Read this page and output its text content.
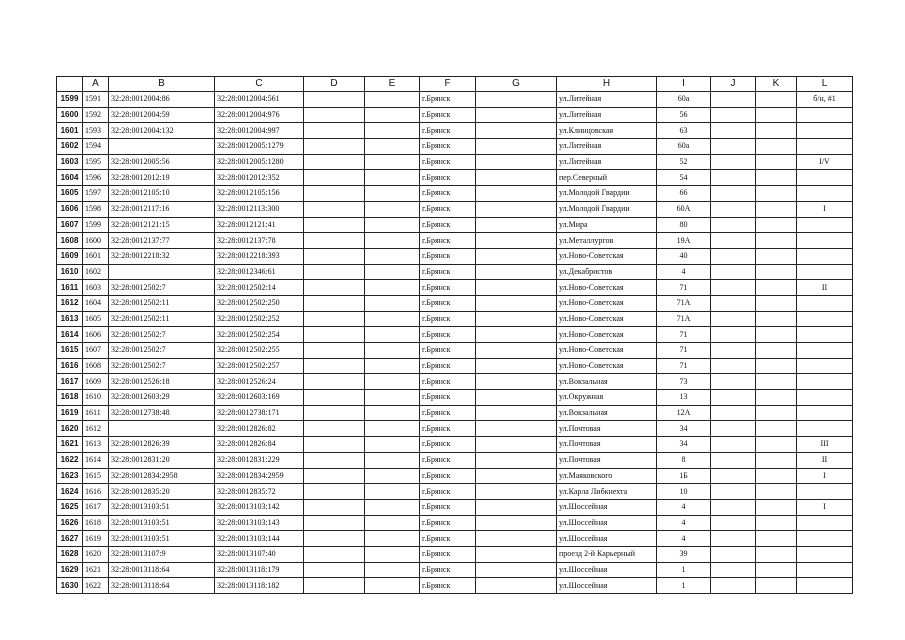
	A	B	C	D	E	F	G	H	I	J	K	L
1599	1591	32:28:0012004:86	32:28:0012004:561			г.Брянск		ул.Литейная	60а			б/н, #1
1600	1592	32:28:0012004:59	32:28:0012004:976			г.Брянск		ул.Литейная	56			
1601	1593	32:28:0012004:132	32:28:0012004:997			г.Брянск		ул.Клинцовская	63			
1602	1594		32:28:0012005:1279			г.Брянск		ул.Литейная	60а			
1603	1595	32:28:0012005:56	32:28:0012005:1280			г.Брянск		ул.Литейная	52			I/V
1604	1596	32:28:0012012:19	32:28:0012012:352			г.Брянск		пер.Северный	54			
1605	1597	32:28:0012105:10	32:28:0012105:156			г.Брянск		ул.Молодой Гвардии	66			
1606	1598	32:28:0012117:16	32:28:0012113:300			г.Брянск		ул.Молодой Гвардии	60А			I
1607	1599	32:28:0012121:15	32:28:0012121:41			г.Брянск		ул.Мира	80			
1608	1600	32:28:0012137:77	32:28:0012137:78			г.Брянск		ул.Металлургов	19А			
1609	1601	32:28:0012218:32	32:28:0012218:393			г.Брянск		ул.Ново-Советская	40			
1610	1602		32:28:0012346:61			г.Брянск		ул.Декабристов	4			
1611	1603	32:28:0012502:7	32:28:0012502:14			г.Брянск		ул.Ново-Советская	71			II
1612	1604	32:28:0012502:11	32:28:0012502:250			г.Брянск		ул.Ново-Советская	71А			
1613	1605	32:28:0012502:11	32:28:0012502:252			г.Брянск		ул.Ново-Советская	71А			
1614	1606	32:28:0012502:7	32:28:0012502:254			г.Брянск		ул.Ново-Советская	71			
1615	1607	32:28:0012502:7	32:28:0012502:255			г.Брянск		ул.Ново-Советская	71			
1616	1608	32:28:0012502:7	32:28:0012502:257			г.Брянск		ул.Ново-Советская	71			
1617	1609	32:28:0012526:18	32:28:0012526:24			г.Брянск		ул.Вокзальная	73			
1618	1610	32:28:0012603:29	32:28:0012603:169			г.Брянск		ул.Окружная	13			
1619	1611	32:28:0012738:48	32:28:0012738:171			г.Брянск		ул.Вокзальная	12А			
1620	1612		32:28:0012826:82			г.Брянск		ул.Почтовая	34			
1621	1613	32:28:0012826:39	32:28:0012826:84			г.Брянск		ул.Почтовая	34			III
1622	1614	32:28:0012831:20	32:28:0012831:229			г.Брянск		ул.Почтовая	8			II
1623	1615	32:28:0012834:2958	32:28:0012834:2959			г.Брянск		ул.Маяковского	1Б			I
1624	1616	32:28:0012835:20	32:28:0012835:72			г.Брянск		ул.Карла Либкнехта	10			
1625	1617	32:28:0013103:51	32:28:0013103:142			г.Брянск		ул.Шоссейная	4			I
1626	1618	32:28:0013103:51	32:28:0013103:143			г.Брянск		ул.Шоссейная	4			
1627	1619	32:28:0013103:51	32:28:0013103:144			г.Брянск		ул.Шоссейная	4			
1628	1620	32:28:0013107:9	32:28:0013107:40			г.Брянск		проезд 2-й Карьерный	39			
1629	1621	32:28:0013118:64	32:28:0013118:179			г.Брянск		ул.Шоссейная	1			
1630	1622	32:28:0013118:64	32:28:0013118:182			г.Брянск		ул.Шоссейная	1			
